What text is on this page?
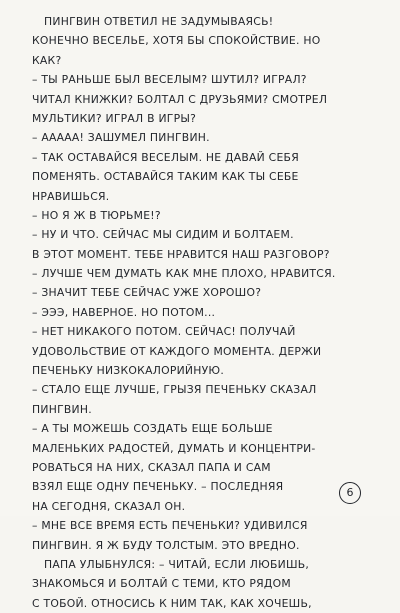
ПИНГВИН ОТВЕТИЛ НЕ ЗАДУМЫВАЯСЬ!
КОНЕЧНО ВЕСЕЛЬЕ, ХОТЯ БЫ СПОКОЙСТВИЕ. НО
КАК?
– ТЫ РАНЬШЕ БЫЛ ВЕСЕЛЫМ? ШУТИЛ? ИГРАЛ?
ЧИТАЛ КНИЖКИ? БОЛТАЛ С ДРУЗЬЯМИ? СМОТРЕЛ
МУЛЬТИКИ? ИГРАЛ В ИГРЫ?
– ААААА! ЗАШУМЕЛ ПИНГВИН.
– ТАК ОСТАВАЙСЯ ВЕСЕЛЫМ. НЕ ДАВАЙ СЕБЯ
ПОМЕНЯТЬ. ОСТАВАЙСЯ ТАКИМ КАК ТЫ СЕБЕ
НРАВИШЬСЯ.
– НО Я Ж В ТЮРЬМЕ!?
– НУ И ЧТО. СЕЙЧАС МЫ СИДИМ И БОЛТАЕМ.
В ЭТОТ МОМЕНТ. ТЕБЕ НРАВИТСЯ НАШ РАЗГОВОР?
– ЛУЧШЕ ЧЕМ ДУМАТЬ КАК МНЕ ПЛОХО, НРАВИТСЯ.
– ЗНАЧИТ ТЕБЕ СЕЙЧАС УЖЕ ХОРОШО?
– ЭЭЭ, НАВЕРНОЕ. НО ПОТОМ...
– НЕТ НИКАКОГО ПОТОМ. СЕЙЧАС! ПОЛУЧАЙ
УДОВОЛЬСТВИЕ ОТ КАЖДОГО МОМЕНТА. ДЕРЖИ
ПЕЧЕНЬКУ НИЗКОКАЛОРИЙНУЮ.
– СТАЛО ЕЩЕ ЛУЧШЕ, ГРЫЗЯ ПЕЧЕНЬКУ СКАЗАЛ
ПИНГВИН.
– А ТЫ МОЖЕШЬ СОЗДАТЬ ЕЩЕ БОЛЬШЕ
МАЛЕНЬКИХ РАДОСТЕЙ, ДУМАТЬ И КОНЦЕНТРИ-
РОВАТЬСЯ НА НИХ, СКАЗАЛ ПАПА И САМ
ВЗЯЛ ЕЩЕ ОДНУ ПЕЧЕНЬКУ. – ПОСЛЕДНЯЯ
НА СЕГОДНЯ, СКАЗАЛ ОН.
– МНЕ ВСЕ ВРЕМЯ ЕСТЬ ПЕЧЕНЬКИ? УДИВИЛСЯ
ПИНГВИН. Я Ж БУДУ ТОЛСТЫМ. ЭТО ВРЕДНО.
ПАПА УЛЫБНУЛСЯ: – ЧИТАЙ, ЕСЛИ ЛЮБИШЬ,
ЗНАКОМЬСЯ И БОЛТАЙ С ТЕМИ, КТО РЯДОМ
С ТОБОЙ. ОТНОСИСЬ К НИМ ТАК, КАК ХОЧЕШЬ,
6
